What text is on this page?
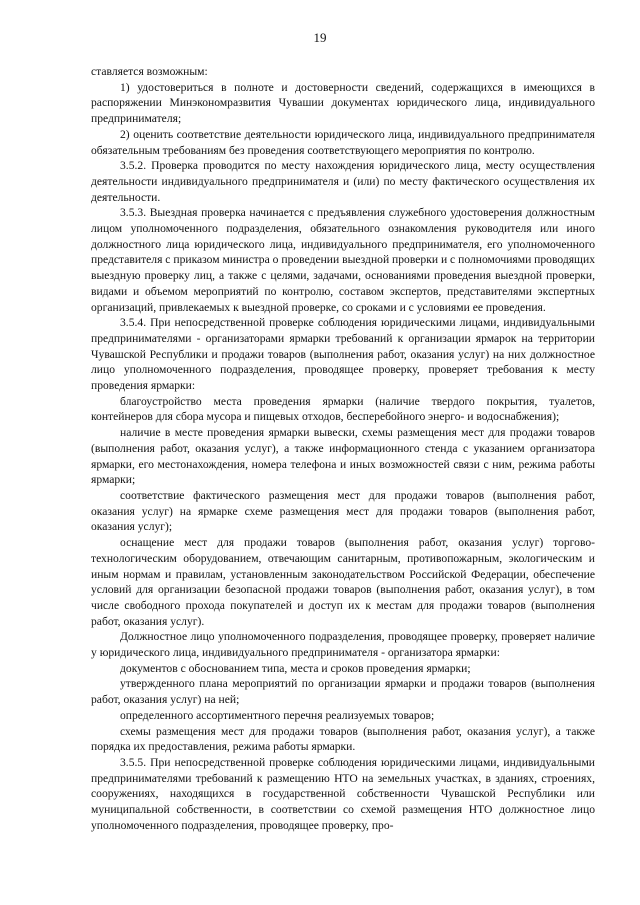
19

ставляется возможным:

1) удостовериться в полноте и достоверности сведений, содержащихся в имеющихся в распоряжении Минэкономразвития Чувашии документах юридического лица, индивидуального предпринимателя;

2) оценить соответствие деятельности юридического лица, индивидуального предпринимателя обязательным требованиям без проведения соответствующего мероприятия по контролю.

3.5.2. Проверка проводится по месту нахождения юридического лица, месту осуществления деятельности индивидуального предпринимателя и (или) по месту фактического осуществления их деятельности.

3.5.3. Выездная проверка начинается с предъявления служебного удостоверения должностным лицом уполномоченного подразделения, обязательного ознакомления руководителя или иного должностного лица юридического лица, индивидуального предпринимателя, его уполномоченного представителя с приказом министра о проведении выездной проверки и с полномочиями проводящих выездную проверку лиц, а также с целями, задачами, основаниями проведения выездной проверки, видами и объемом мероприятий по контролю, составом экспертов, представителями экспертных организаций, привлекаемых к выездной проверке, со сроками и с условиями ее проведения.

3.5.4. При непосредственной проверке соблюдения юридическими лицами, индивидуальными предпринимателями - организаторами ярмарки требований к организации ярмарок на территории Чувашской Республики и продажи товаров (выполнения работ, оказания услуг) на них должностное лицо уполномоченного подразделения, проводящее проверку, проверяет требования к месту проведения ярмарки:

благоустройство места проведения ярмарки (наличие твердого покрытия, туалетов, контейнеров для сбора мусора и пищевых отходов, бесперебойного энерго- и водоснабжения);

наличие в месте проведения ярмарки вывески, схемы размещения мест для продажи товаров (выполнения работ, оказания услуг), а также информационного стенда с указанием организатора ярмарки, его местонахождения, номера телефона и иных возможностей связи с ним, режима работы ярмарки;

соответствие фактического размещения мест для продажи товаров (выполнения работ, оказания услуг) на ярмарке схеме размещения мест для продажи товаров (выполнения работ, оказания услуг);

оснащение мест для продажи товаров (выполнения работ, оказания услуг) торгово-технологическим оборудованием, отвечающим санитарным, противопожарным, экологическим и иным нормам и правилам, установленным законодательством Российской Федерации, обеспечение условий для организации безопасной продажи товаров (выполнения работ, оказания услуг), в том числе свободного прохода покупателей и доступ их к местам для продажи товаров (выполнения работ, оказания услуг).

Должностное лицо уполномоченного подразделения, проводящее проверку, проверяет наличие у юридического лица, индивидуального предпринимателя - организатора ярмарки:

документов с обоснованием типа, места и сроков проведения ярмарки;

утвержденного плана мероприятий по организации ярмарки и продажи товаров (выполнения работ, оказания услуг) на ней;

определенного ассортиментного перечня реализуемых товаров;

схемы размещения мест для продажи товаров (выполнения работ, оказания услуг), а также порядка их предоставления, режима работы ярмарки.

3.5.5. При непосредственной проверке соблюдения юридическими лицами, индивидуальными предпринимателями требований к размещению НТО на земельных участках, в зданиях, строениях, сооружениях, находящихся в государственной собственности Чувашской Республики или муниципальной собственности, в соответствии со схемой размещения НТО должностное лицо уполномоченного подразделения, проводящее проверку, про-
